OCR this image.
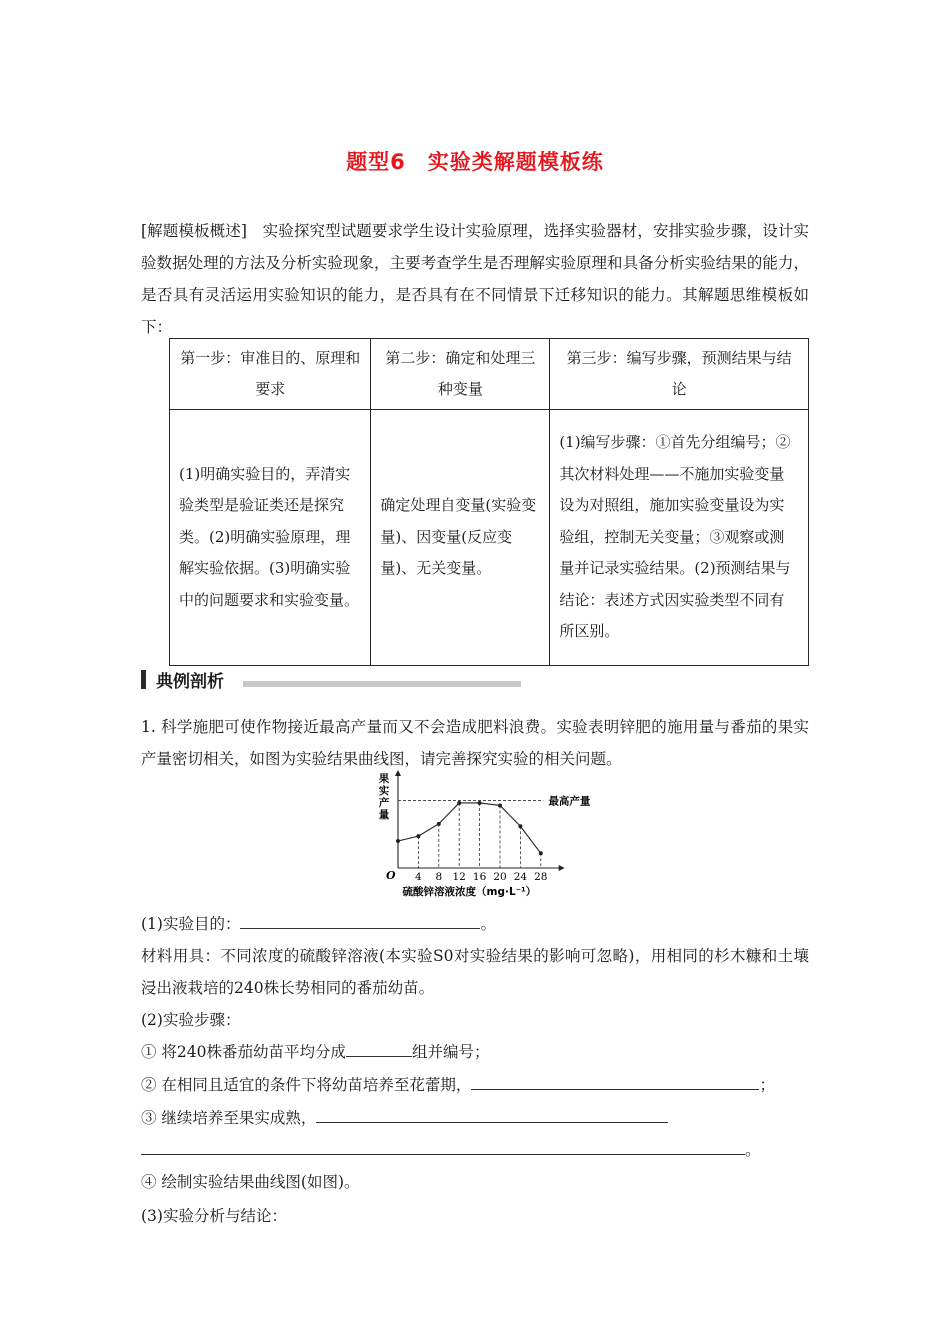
题型6　实验类解题模板练
[解题模板概述]　 实验探究型试题要求学生设计实验原理，选择实验器材，安排实验步骤，设计实验数据处理的方法及分析实验现象，主要考查学生是否理解实验原理和具备分析实验结果的能力，是否具有灵活运用实验知识的能力，是否具有在不同情景下迁移知识的能力。其解题思维模板如下：
第一步：审准目的、原理和要求	第二步：确定和处理三种变量	第三步：编写步骤，预测结果与结论
(1)明确实验目的，弄清实验类型是验证类还是探究类。(2)明确实验原理，理解实验依据。(3)明确实验中的问题要求和实验变量。	确定处理自变量(实验变量)、因变量(反应变量)、无关变量。	(1)编写步骤：①首先分组编号；②其次材料处理——不施加实验变量设为对照组，施加实验变量设为实验组，控制无关变量；③观察或测量并记录实验结果。(2)预测结果与结论：表述方式因实验类型不同有所区别。
典例剖析
1. 科学施肥可使作物接近最高产量而又不会造成肥料浪费。实验表明锌肥的施用量与番茄的果实产量密切相关，如图为实验结果曲线图，请完善探究实验的相关问题。
果实产量
最高产量
O 4 8 12 16 20 24 28
硫酸锌溶液浓度（mg·L⁻¹）
(1)实验目的：	。
材料用具：不同浓度的硫酸锌溶液(本实验S0对实验结果的影响可忽略)，用相同的杉木糠和土壤浸出液栽培的240株长势相同的番茄幼苗。
(2)实验步骤：
① 将240株番茄幼苗平均分成	组并编号；
② 在相同且适宜的条件下将幼苗培养至花蕾期，	；
③ 继续培养至果实成熟，
。
④ 绘制实验结果曲线图(如图)。
(3)实验分析与结论：
